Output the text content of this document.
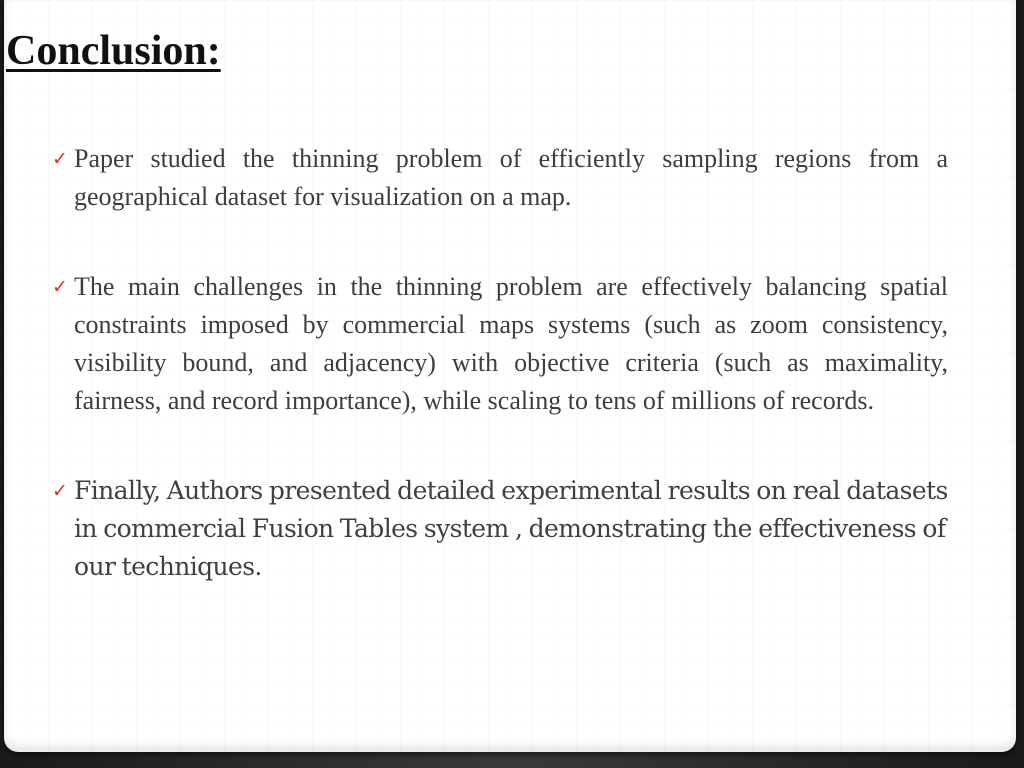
Conclusion:
✓ Paper studied the thinning problem of efficiently sampling regions from a geographical dataset for visualization on a map.
✓ The main challenges in the thinning problem are effectively balancing spatial constraints imposed by commercial maps systems (such as zoom consistency, visibility bound, and adjacency) with objective criteria (such as maximality, fairness, and record importance), while scaling to tens of millions of records.
✓ Finally, Authors presented detailed experimental results on real datasets in commercial Fusion Tables system , demonstrating the effectiveness of our techniques.
